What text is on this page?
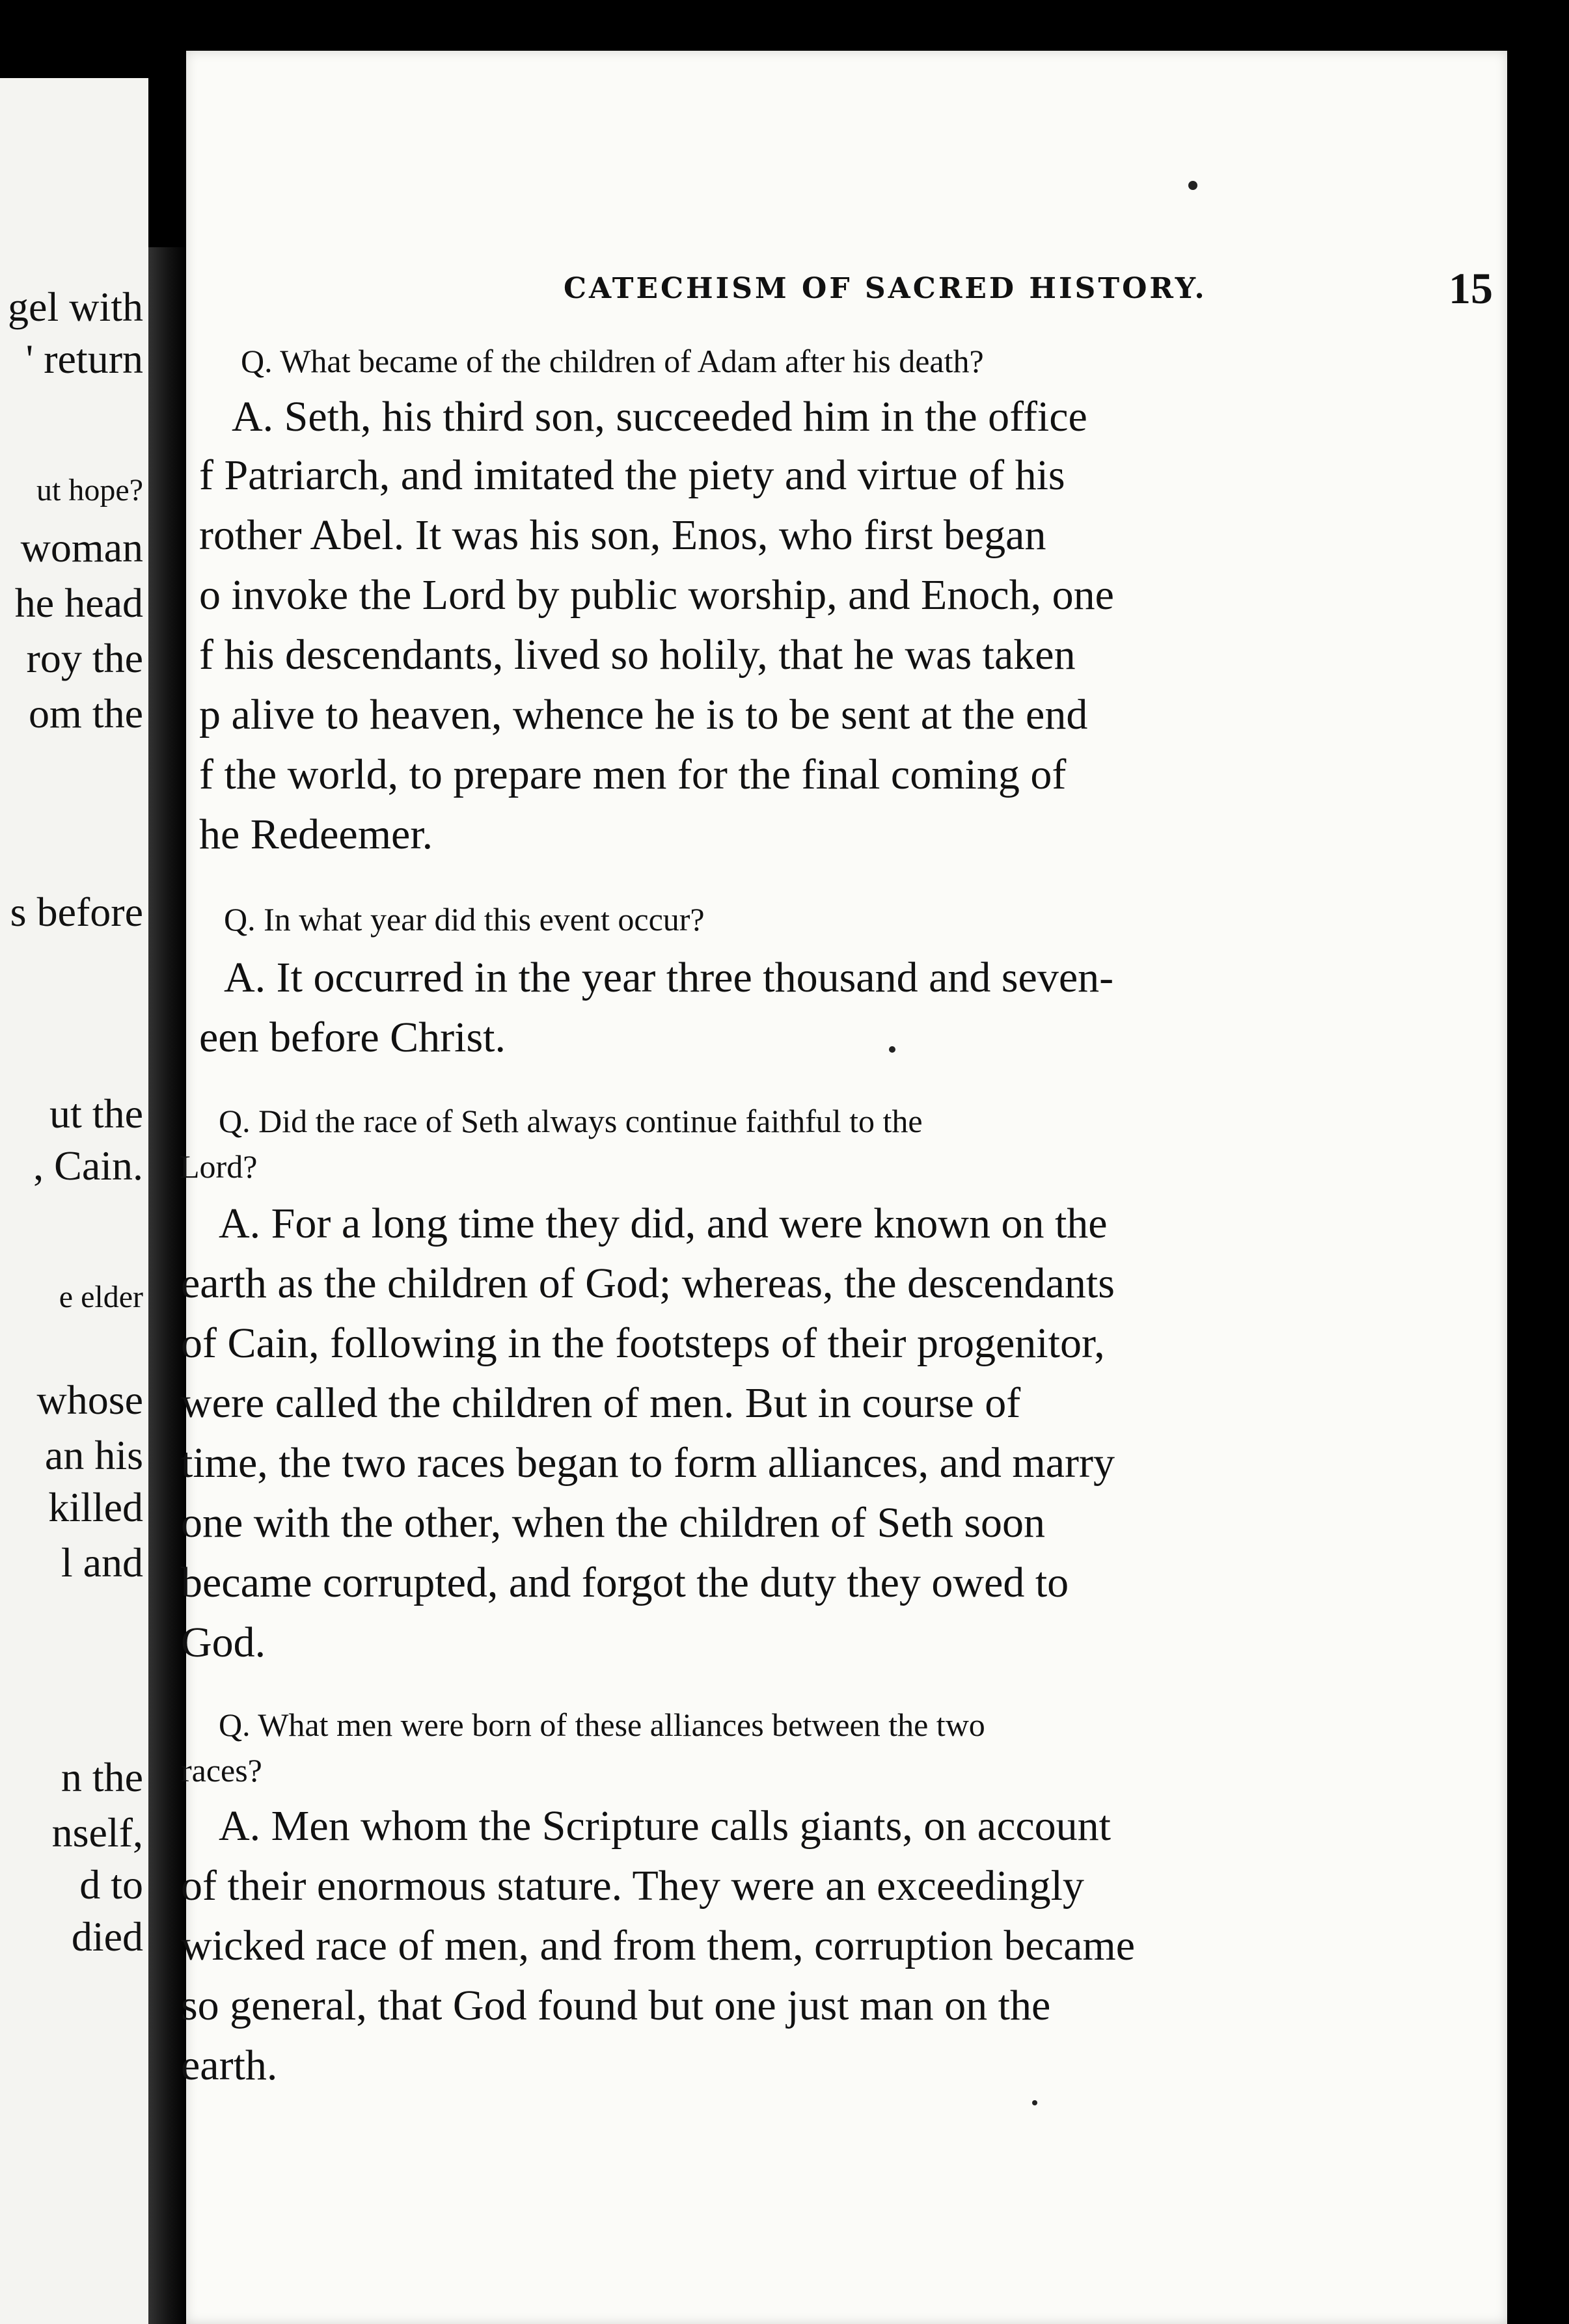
gel with
' return
ut hope?
woman
he head
roy the
om the
s before
ut the
, Cain.
e elder
whose
an his
killed
l and
n the
nself,
d to
died
CATECHISM OF SACRED HISTORY.	15
Q. What became of the children of Adam after his death?
A. Seth, his third son, succeeded him in the office
f Patriarch, and imitated the piety and virtue of his
rother Abel. It was his son, Enos, who first began
o invoke the Lord by public worship, and Enoch, one
f his descendants, lived so holily, that he was taken
p alive to heaven, whence he is to be sent at the end
f the world, to prepare men for the final coming of
he Redeemer.
Q. In what year did this event occur?
A. It occurred in the year three thousand and seven-
een before Christ.
Q. Did the race of Seth always continue faithful to the
Lord?
A. For a long time they did, and were known on the
earth as the children of God; whereas, the descendants
of Cain, following in the footsteps of their progenitor,
were called the children of men. But in course of
time, the two races began to form alliances, and marry
one with the other, when the children of Seth soon
became corrupted, and forgot the duty they owed to
God.
Q. What men were born of these alliances between the two
races?
A. Men whom the Scripture calls giants, on account
of their enormous stature. They were an exceedingly
wicked race of men, and from them, corruption became
so general, that God found but one just man on the
earth.
